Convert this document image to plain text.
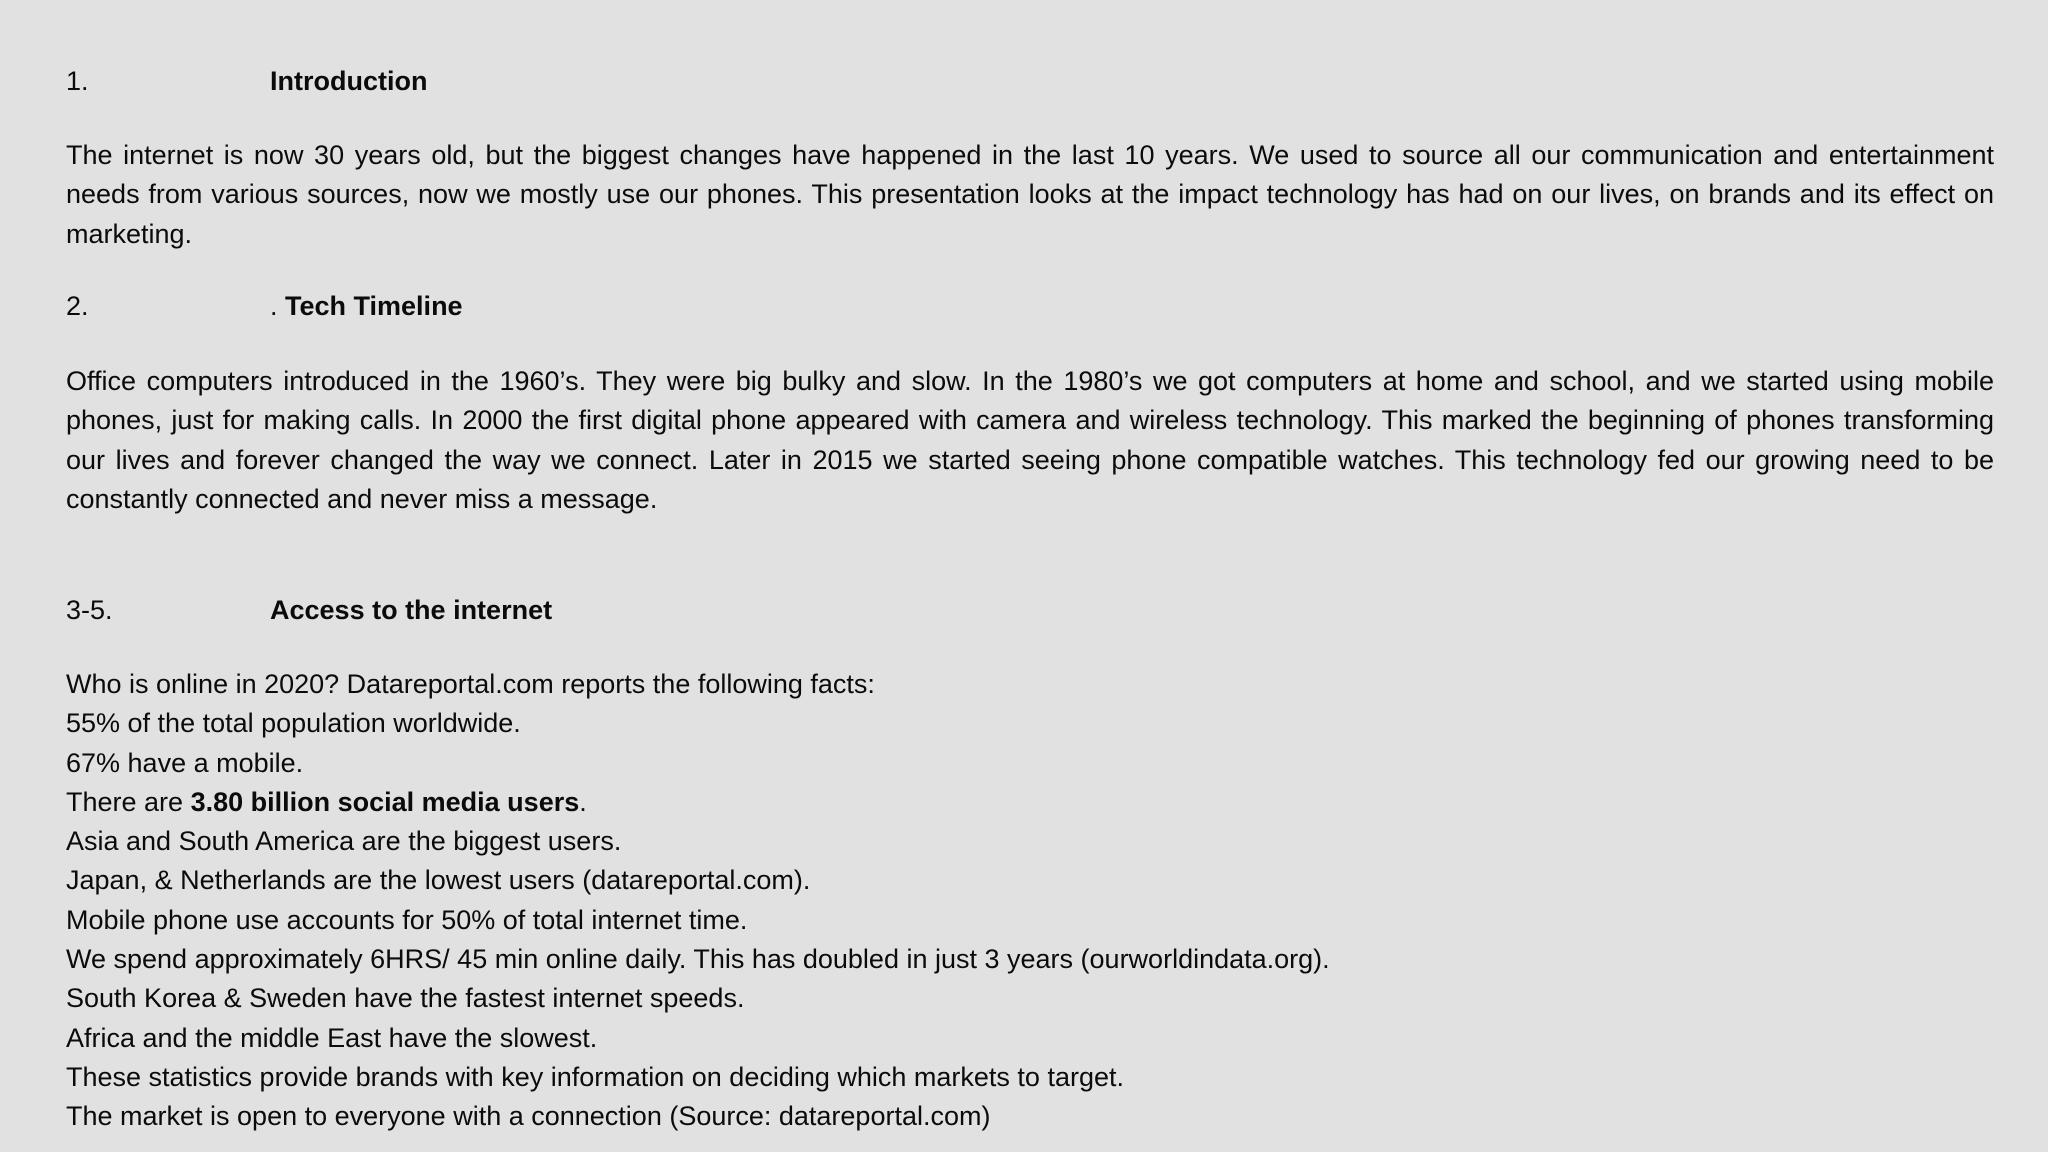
1.	Introduction

The internet is now 30 years old, but the biggest changes have happened in the last 10 years. We used to source all our communication and entertainment needs from various sources, now we mostly use our phones. This presentation looks at the impact technology has had on our lives, on brands and its effect on marketing.

2.	. Tech Timeline

Office computers introduced in the 1960’s. They were big bulky and slow. In the 1980’s we got computers at home and school, and we started using mobile phones, just for making calls. In 2000 the first digital phone appeared with camera and wireless technology. This marked the beginning of phones transforming our lives and forever changed the way we connect. Later in 2015 we started seeing phone compatible watches. This technology fed our growing need to be constantly connected and never miss a message.

3-5.	Access to the internet
Who is online in 2020? Datareportal.com reports the following facts:
55% of the total population worldwide.
67% have a mobile.
There are 3.80 billion social media users.
Asia and South America are the biggest users.
Japan, & Netherlands are the lowest users (datareportal.com).
Mobile phone use accounts for 50% of total internet time.
We spend approximately 6HRS/ 45 min online daily. This has doubled in just 3 years (ourworldindata.org).
South Korea & Sweden have the fastest internet speeds.
Africa and the middle East have the slowest.
These statistics provide brands with key information on deciding which markets to target.
The market is open to everyone with a connection (Source: datareportal.com)
